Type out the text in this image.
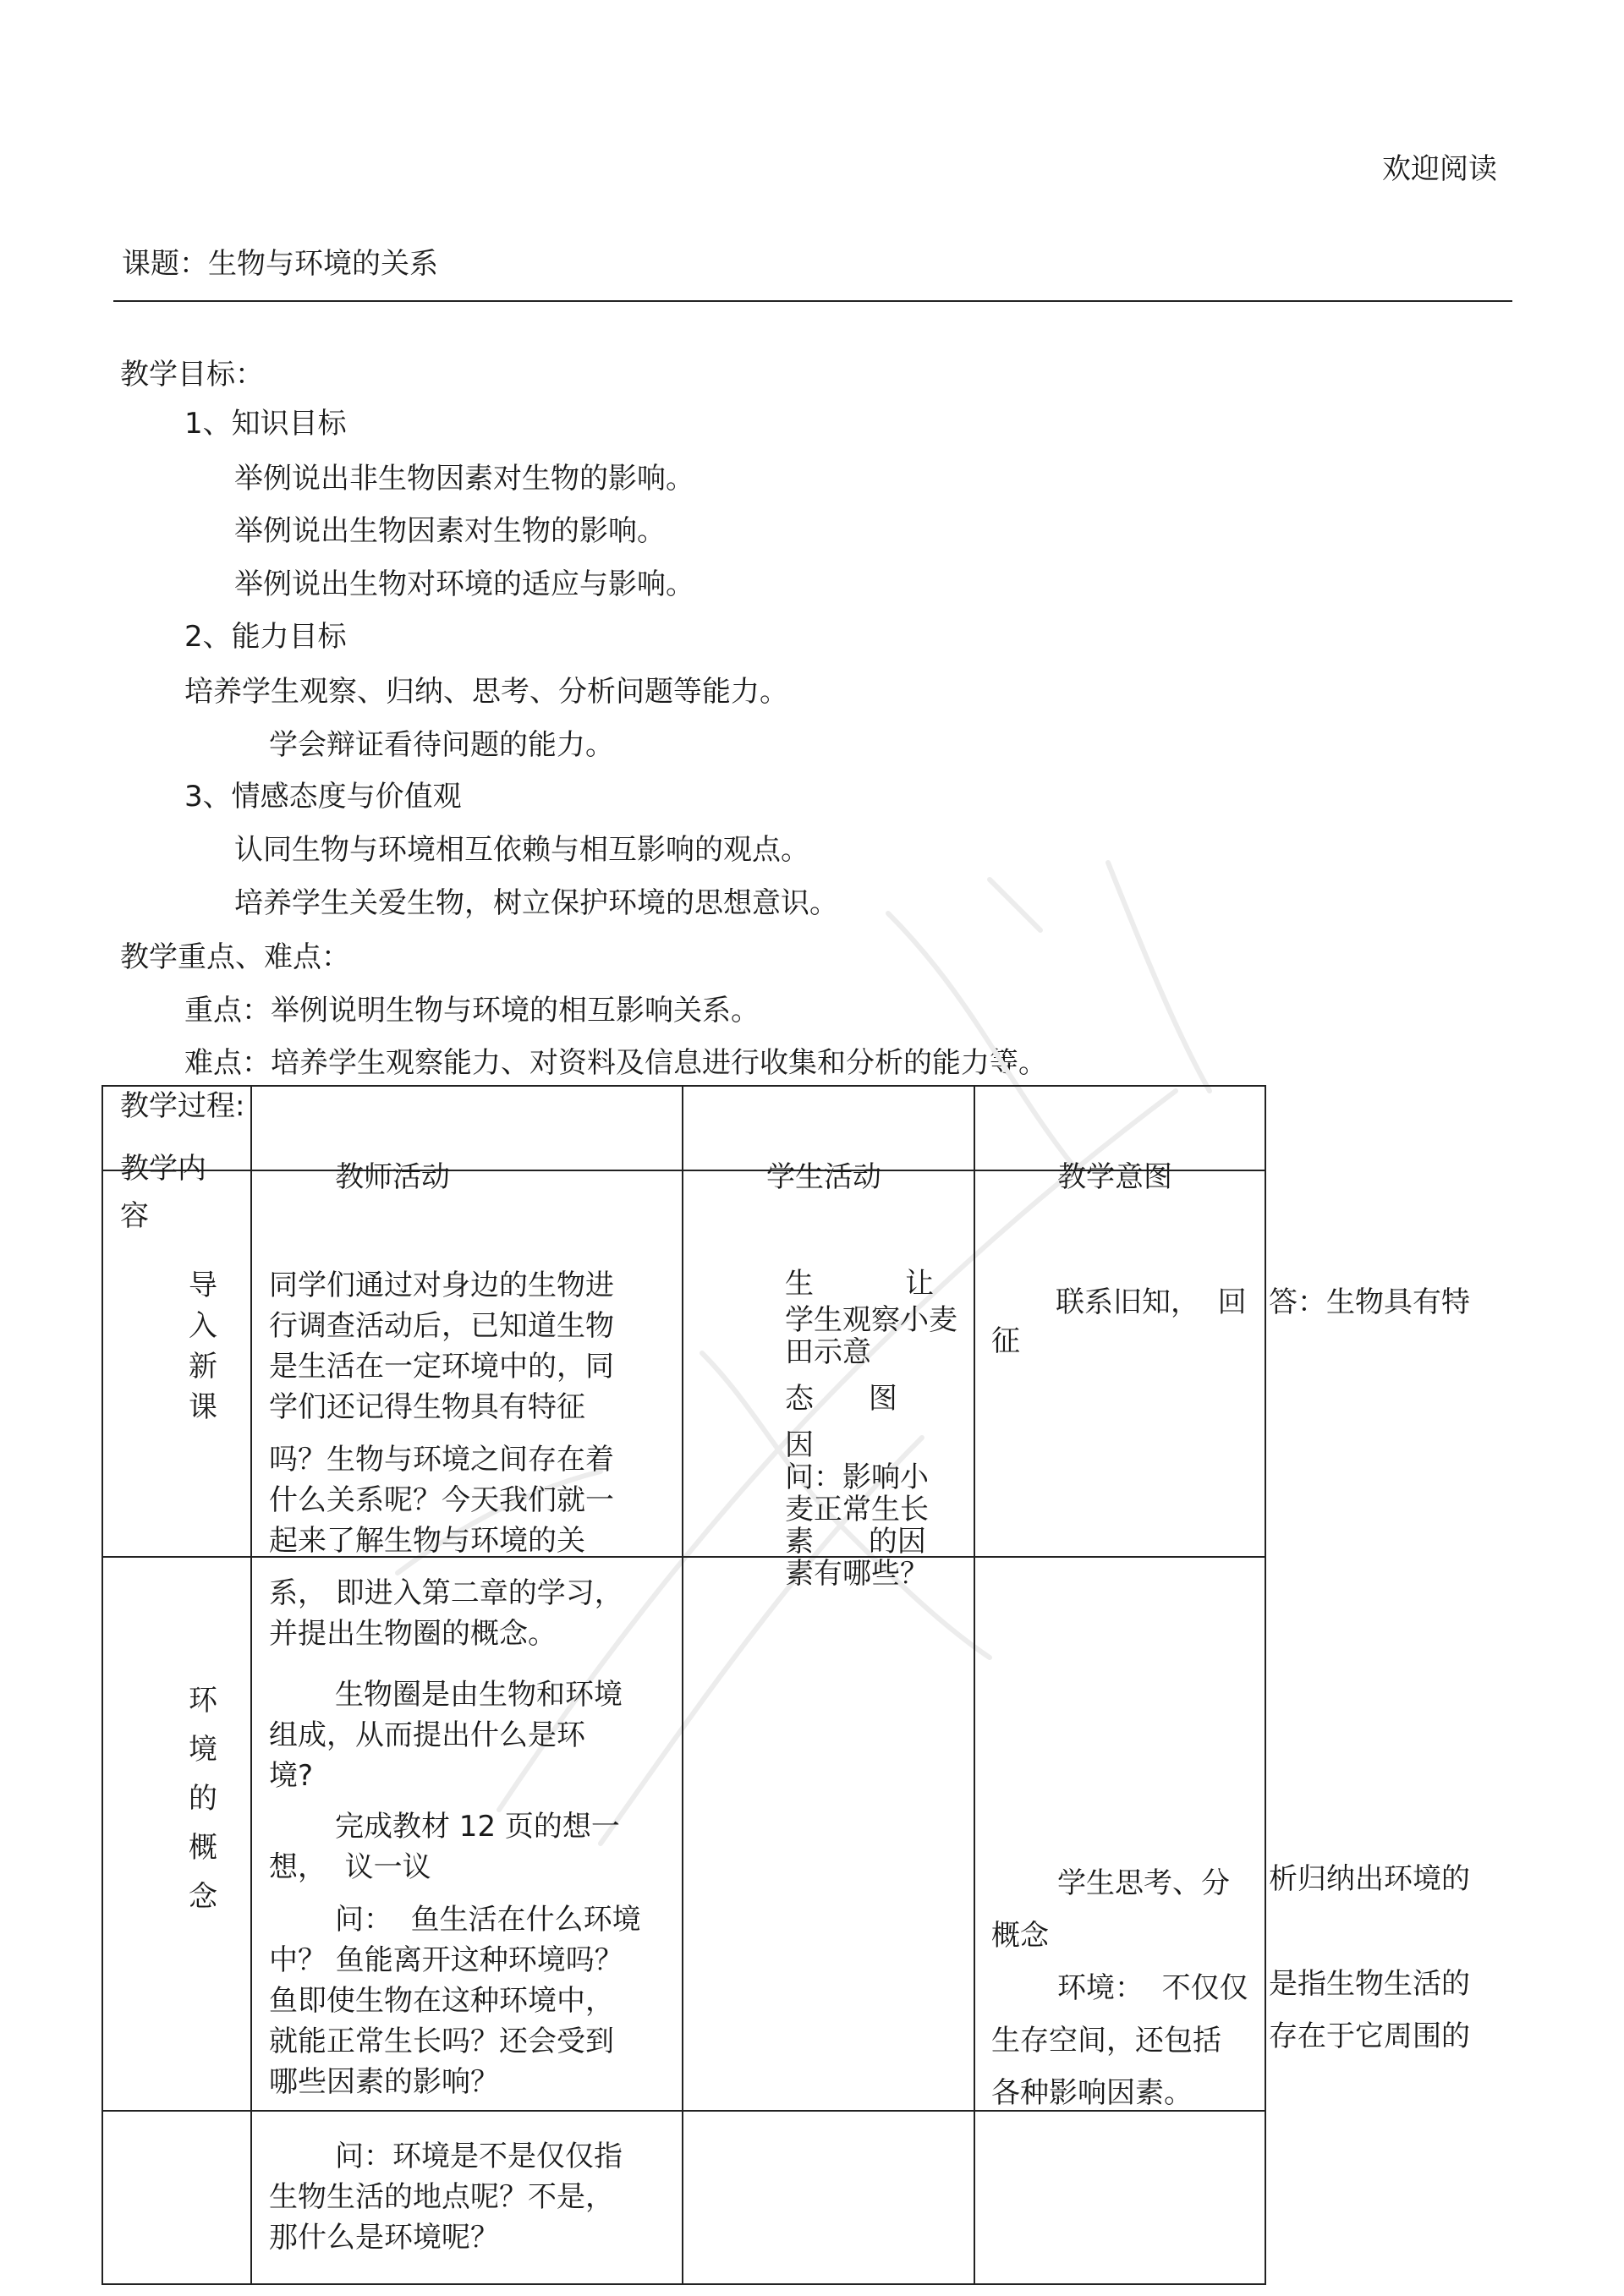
欢迎阅读
课题：生物与环境的关系
教学目标：
1、知识目标
举例说出非生物因素对生物的影响。
举例说出生物因素对生物的影响。
举例说出生物对环境的适应与影响。
2、能力目标
培养学生观察、归纳、思考、分析问题等能力。
学会辩证看待问题的能力。
3、情感态度与价值观
认同生物与环境相互依赖与相互影响的观点。
培养学生关爱生物，树立保护环境的思想意识。
教学重点、难点：
重点：举例说明生物与环境的相互影响关系。
难点：培养学生观察能力、对资料及信息进行收集和分析的能力等。
教学过程:
教学内
容
教师活动	学生活动	教学意图
导
入
新
课
同学们通过对身边的生物进
行调查活动后，已知道生物
是生活在一定环境中的，同
学们还记得生物具有特征
吗？生物与环境之间存在着
什么关系呢？今天我们就一
起来了解生物与环境的关
系， 即进入第二章的学习，
并提出生物圈的概念。
生          让
学生观察小麦
田示意
态      图
因
问：影响小
麦正常生长
素      的因
素有哪些？
联系旧知，  回
征
答：生物具有特
环
境
的
概
念
生物圈是由生物和环境
组成，从而提出什么是环
境?
完成教材 12 页的想一
想，  议一议
问：  鱼生活在什么环境
中？ 鱼能离开这种环境吗？
鱼即使生物在这种环境中，
就能正常生长吗？还会受到
哪些因素的影响？
问：环境是不是仅仅指
生物生活的地点呢？不是，
那什么是环境呢？
学生思考、分
概念
环境：  不仅仅
生存空间，还包括
各种影响因素。
析归纳出环境的
是指生物生活的
存在于它周围的
